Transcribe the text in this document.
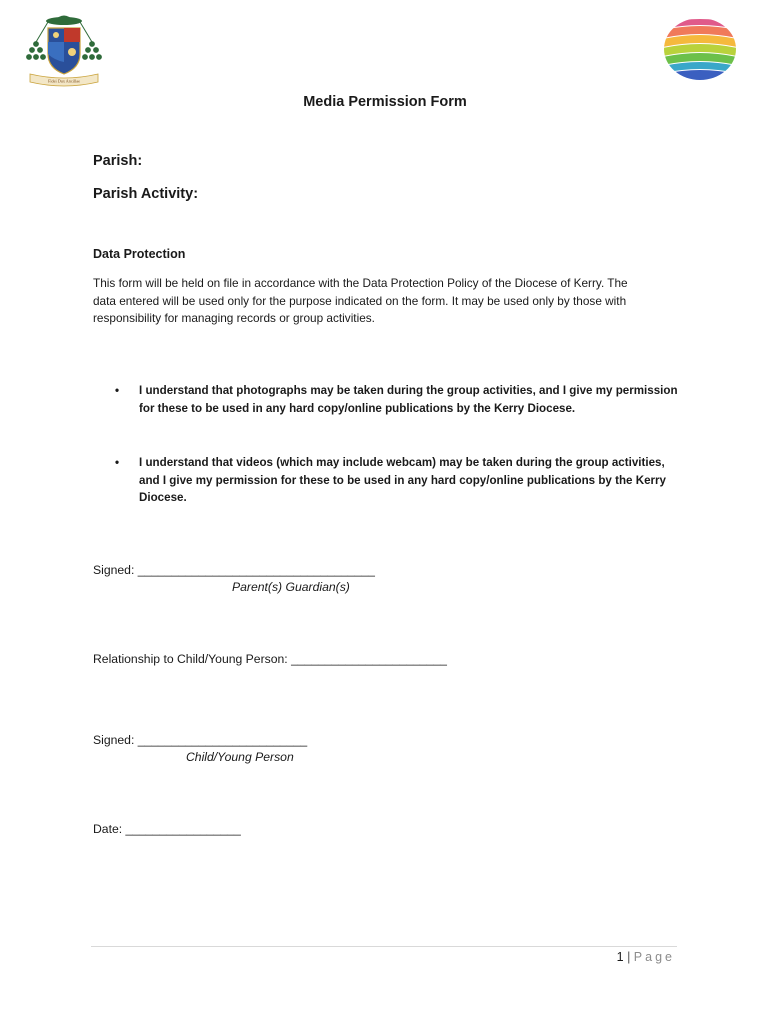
Fidei Dux Ancillae
Media Permission Form
Parish:
Parish Activity:
Data Protection
This form will be held on file in accordance with the Data Protection Policy of the Diocese of Kerry. The data entered will be used only for the purpose indicated on the form. It may be used only by those with responsibility for managing records or group activities.
• I understand that photographs may be taken during the group activities, and I give my permission for these to be used in any hard copy/online publications by the Kerry Diocese.
• I understand that videos (which may include webcam) may be taken during the group activities, and I give my permission for these to be used in any hard copy/online publications by the Kerry Diocese.
Signed: ___________________________________
Parent(s) Guardian(s)
Relationship to Child/Young Person: _______________________
Signed: _________________________
Child/Young Person
Date: _________________
1 | Page
